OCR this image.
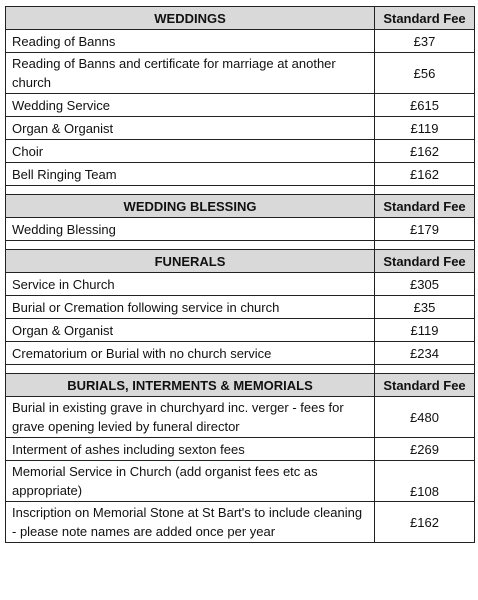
WEDDINGS	Standard Fee
Reading of Banns	£37
Reading of Banns and certificate for marriage at another church	£56
Wedding Service	£615
Organ & Organist	£119
Choir	£162
Bell Ringing Team	£162

WEDDING BLESSING	Standard Fee
Wedding Blessing	£179

FUNERALS	Standard Fee
Service in Church	£305
Burial or Cremation following service in church	£35
Organ & Organist	£119
Crematorium or Burial with no church service	£234

BURIALS, INTERMENTS & MEMORIALS	Standard Fee
Burial in existing grave in churchyard inc. verger - fees for grave opening levied by funeral director	£480
Interment of ashes including sexton fees	£269
Memorial Service in Church (add organist fees etc as appropriate)	£108
Inscription on Memorial Stone at St Bart's to include cleaning - please note names are added once per year	£162
